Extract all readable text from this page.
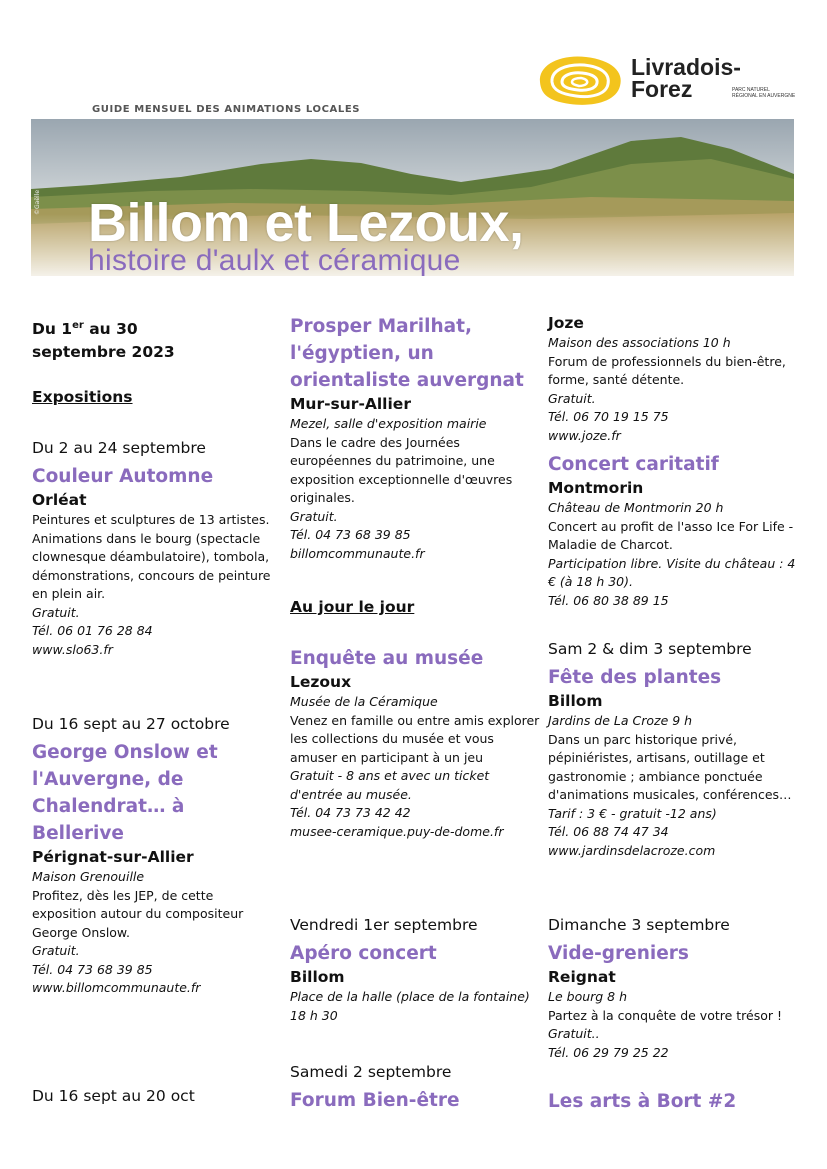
GUIDE MENSUEL DES ANIMATIONS LOCALES
Livradois-
Forez	PARC NATUREL RÉGIONAL EN AUVERGNE
©Gaëlle Billom et Lezoux,
histoire d'aulx et céramique

Du 1er au 30

septembre 2023

Expositions

Du 2 au 24 septembre

Couleur Automne

Orléat

Peintures et sculptures de 13 artistes. Animations dans le bourg (spectacle clownesque déambulatoire), tombola, démonstrations, concours de peinture en plein air.

Gratuit.

Tél. 06 01 76 28 84

www.slo63.fr

Du 16 sept au 27 octobre

George Onslow et l'Auvergne, de Chalendrat… à Bellerive

Pérignat-sur-Allier

Maison Grenouille

Profitez, dès les JEP, de cette exposition autour du compositeur George Onslow.

Gratuit.

Tél. 04 73 68 39 85

www.billomcommunaute.fr

Du 16 sept au 20 oct

Prosper Marilhat, l'égyptien, un orientaliste auvergnat

Mur-sur-Allier

Mezel, salle d'exposition mairie

Dans le cadre des Journées européennes du patrimoine, une exposition exceptionnelle d'œuvres originales.

Gratuit.

Tél. 04 73 68 39 85

billomcommunaute.fr

Au jour le jour

Enquête au musée

Lezoux

Musée de la Céramique

Venez en famille ou entre amis explorer les collections du musée et vous amuser en participant à un jeu

Gratuit - 8 ans et avec un ticket d'entrée au musée.

Tél. 04 73 73 42 42

musee-ceramique.puy-de-dome.fr

Vendredi 1er septembre

Apéro concert

Billom

Place de la halle (place de la fontaine) 18 h 30

Samedi 2 septembre

Forum Bien-être

Joze

Maison des associations 10 h

Forum de professionnels du bien-être, forme, santé détente.

Gratuit.

Tél. 06 70 19 15 75

www.joze.fr

Concert caritatif

Montmorin

Château de Montmorin 20 h

Concert au profit de l'asso Ice For Life - Maladie de Charcot.

Participation libre. Visite du château : 4 € (à 18 h 30).

Tél. 06 80 38 89 15

Sam 2 & dim 3 septembre

Fête des plantes

Billom

Jardins de La Croze 9 h

Dans un parc historique privé, pépiniéristes, artisans, outillage et gastronomie ; ambiance ponctuée d'animations musicales, conférences…

Tarif : 3 € - gratuit -12 ans)

Tél. 06 88 74 47 34

www.jardinsdelacroze.com

Dimanche 3 septembre

Vide-greniers

Reignat

Le bourg 8 h

Partez à la conquête de votre trésor !

Gratuit..

Tél. 06 29 79 25 22

Les arts à Bort #2
